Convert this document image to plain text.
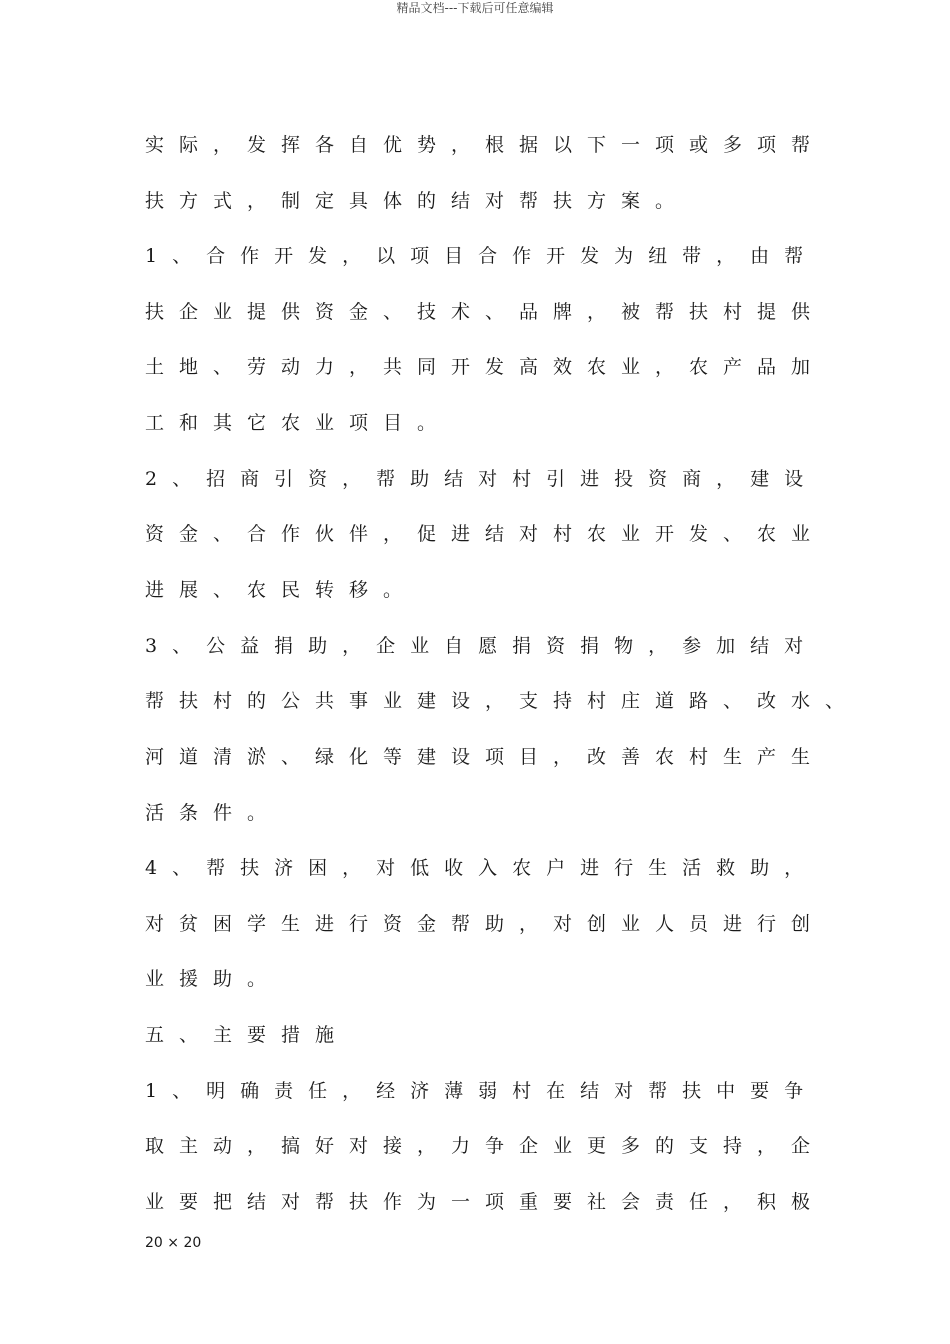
精品文档---下载后可任意编辑
实际，发挥各自优势，根据以下一项或多项帮
扶方式，制定具体的结对帮扶方案。
1、合作开发，以项目合作开发为纽带，由帮
扶企业提供资金、技术、品牌，被帮扶村提供
土地、劳动力，共同开发高效农业，农产品加
工和其它农业项目。
2、招商引资，帮助结对村引进投资商，建设
资金、合作伙伴，促进结对村农业开发、农业
进展、农民转移。
3、公益捐助，企业自愿捐资捐物，参加结对
帮扶村的公共事业建设，支持村庄道路、改水、
河道清淤、绿化等建设项目，改善农村生产生
活条件。
4、帮扶济困，对低收入农户进行生活救助，
对贫困学生进行资金帮助，对创业人员进行创
业援助。
五、主要措施
1、明确责任，经济薄弱村在结对帮扶中要争
取主动，搞好对接，力争企业更多的支持，企
业要把结对帮扶作为一项重要社会责任，积极
20 × 20
